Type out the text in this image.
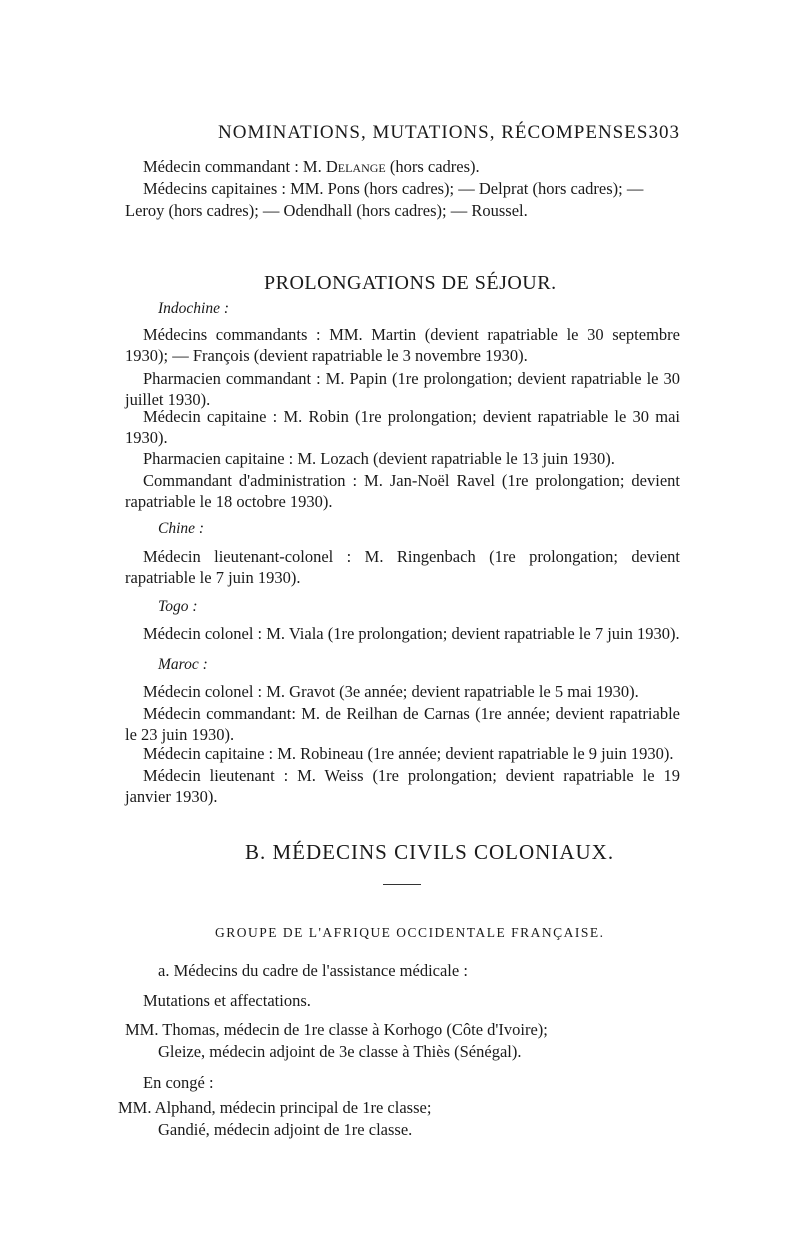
NOMINATIONS, MUTATIONS, RÉCOMPENSES.
303
Médecin commandant : M. Delange (hors cadres).
Médecins capitaines : MM. Pons (hors cadres); — Delprat (hors cadres); —
Leroy (hors cadres); — Odendhall (hors cadres); — Roussel.
PROLONGATIONS DE SÉJOUR.
Indochine :
Médecins commandants : MM. Martin (devient rapatriable le 30 septembre 1930); — François (devient rapatriable le 3 novembre 1930).
Pharmacien commandant : M. Papin (1re prolongation; devient rapatriable le 30 juillet 1930).
Médecin capitaine : M. Robin (1re prolongation; devient rapatriable le 30 mai 1930).
Pharmacien capitaine : M. Lozach (devient rapatriable le 13 juin 1930).
Commandant d'administration : M. Jan-Noël Ravel (1re prolongation; devient rapatriable le 18 octobre 1930).
Chine :
Médecin lieutenant-colonel : M. Ringenbach (1re prolongation; devient rapatriable le 7 juin 1930).
Togo :
Médecin colonel : M. Viala (1re prolongation; devient rapatriable le 7 juin 1930).
Maroc :
Médecin colonel : M. Gravot (3e année; devient rapatriable le 5 mai 1930).
Médecin commandant: M. de Reilhan de Carnas (1re année; devient rapatriable le 23 juin 1930).
Médecin capitaine : M. Robineau (1re année; devient rapatriable le 9 juin 1930).
Médecin lieutenant : M. Weiss (1re prolongation; devient rapatriable le 19 janvier 1930).
B. MÉDECINS CIVILS COLONIAUX.
GROUPE DE L'AFRIQUE OCCIDENTALE FRANÇAISE.
a. Médecins du cadre de l'assistance médicale :
Mutations et affectations.
MM. Thomas, médecin de 1re classe à Korhogo (Côte d'Ivoire);
Gleize, médecin adjoint de 3e classe à Thiès (Sénégal).
En congé :
MM. Alphand, médecin principal de 1re classe;
Gandié, médecin adjoint de 1re classe.
